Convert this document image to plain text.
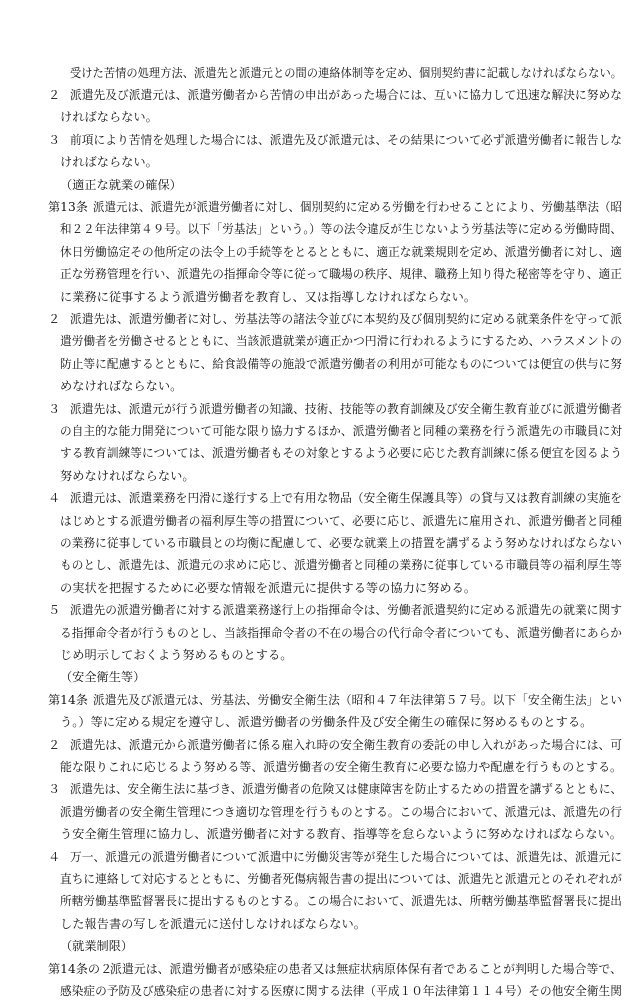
受けた苦情の処理方法、派遣先と派遣元との間の連絡体制等を定め、個別契約書に記載しなければならない。
２ 派遣先及び派遣元は、派遣労働者から苦情の申出があった場合には、互いに協力して迅速な解決に努めな
ければならない。
３ 前項により苦情を処理した場合には、派遣先及び派遣元は、その結果について必ず派遣労働者に報告しな
ければならない。
（適正な就業の確保）
第13条 派遣元は、派遣先が派遣労働者に対し、個別契約に定める労働を行わせることにより、労働基準法（昭
和２２年法律第４９号。以下「労基法」という。）等の法令違反が生じないよう労基法等に定める労働時間、
休日労働協定その他所定の法令上の手続等をとるとともに、適正な就業規則を定め、派遣労働者に対し、適
正な労務管理を行い、派遣先の指揮命令等に従って職場の秩序、規律、職務上知り得た秘密等を守り、適正
に業務に従事するよう派遣労働者を教育し、又は指導しなければならない。
２ 派遣先は、派遣労働者に対し、労基法等の諸法令並びに本契約及び個別契約に定める就業条件を守って派
遣労働者を労働させるとともに、当該派遣就業が適正かつ円滑に行われるようにするため、ハラスメントの
防止等に配慮するとともに、給食設備等の施設で派遣労働者の利用が可能なものについては便宜の供与に努
めなければならない。
３ 派遣先は、派遣元が行う派遣労働者の知識、技術、技能等の教育訓練及び安全衛生教育並びに派遣労働者
の自主的な能力開発について可能な限り協力するほか、派遣労働者と同種の業務を行う派遣先の市職員に対
する教育訓練等については、派遣労働者もその対象とするよう必要に応じた教育訓練に係る便宜を図るよう
努めなければならない。
４ 派遣元は、派遣業務を円滑に遂行する上で有用な物品（安全衛生保護具等）の貸与又は教育訓練の実施を
はじめとする派遣労働者の福利厚生等の措置について、必要に応じ、派遣先に雇用され、派遣労働者と同種
の業務に従事している市職員との均衡に配慮して、必要な就業上の措置を講ずるよう努めなければならない
ものとし、派遣先は、派遣元の求めに応じ、派遣労働者と同種の業務に従事している市職員等の福利厚生等
の実状を把握するために必要な情報を派遣元に提供する等の協力に努める。
５ 派遣先の派遣労働者に対する派遣業務遂行上の指揮命令は、労働者派遣契約に定める派遣先の就業に関す
る指揮命令者が行うものとし、当該指揮命令者の不在の場合の代行命令者についても、派遣労働者にあらか
じめ明示しておくよう努めるものとする。
（安全衛生等）
第14条 派遣先及び派遣元は、労基法、労働安全衛生法（昭和４７年法律第５７号。以下「安全衛生法」とい
う。）等に定める規定を遵守し、派遣労働者の労働条件及び安全衛生の確保に努めるものとする。
２ 派遣先は、派遣元から派遣労働者に係る雇入れ時の安全衛生教育の委託の申し入れがあった場合には、可
能な限りこれに応じるよう努める等、派遣労働者の安全衛生教育に必要な協力や配慮を行うものとする。
３ 派遣先は、安全衛生法に基づき、派遣労働者の危険又は健康障害を防止するための措置を講ずるとともに、
派遣労働者の安全衛生管理につき適切な管理を行うものとする。この場合において、派遣元は、派遣先の行
う安全衛生管理に協力し、派遣労働者に対する教育、指導等を怠らないように努めなければならない。
４ 万一、派遣元の派遣労働者について派遣中に労働災害等が発生した場合については、派遣先は、派遣元に
直ちに連絡して対応するとともに、労働者死傷病報告書の提出については、派遣先と派遣元とのそれぞれが
所轄労働基準監督署長に提出するものとする。この場合において、派遣先は、所轄労働基準監督署長に提出
した報告書の写しを派遣元に送付しなければならない。
（就業制限）
第14条の２
派遣元は、派遣労働者が感染症の患者又は無症状病原体保有者であることが判明した場合等で、
感染症の予防及び感染症の患者に対する医療に関する法律（平成１０年法律第１１４号）その他安全衛生関
